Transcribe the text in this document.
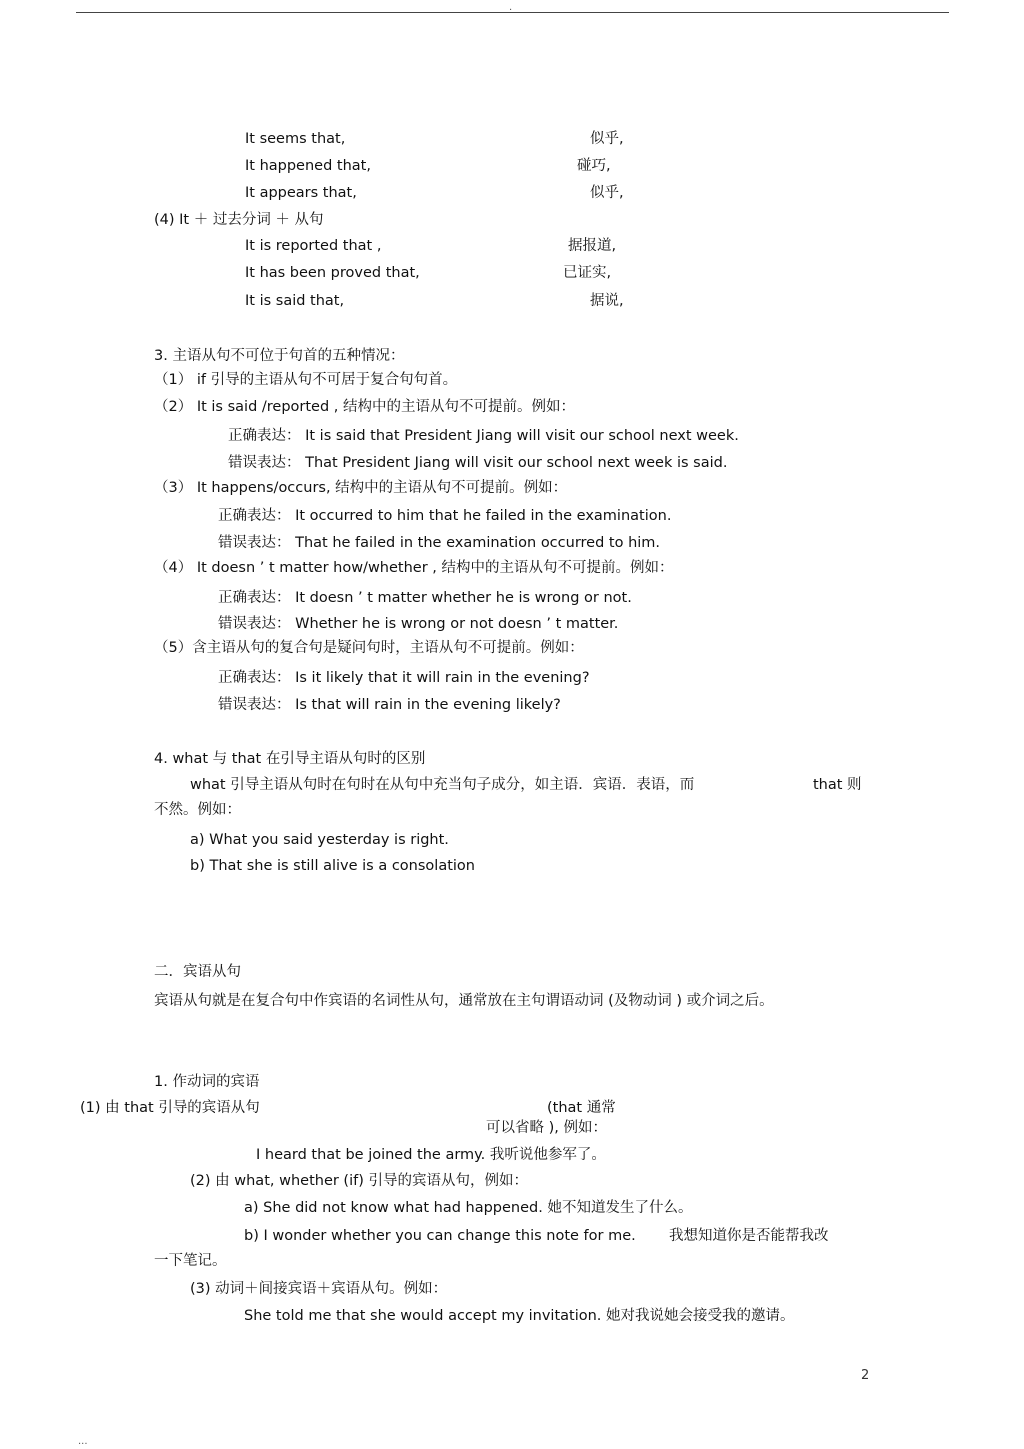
.
It seems that,	似乎,
It happened that,	碰巧,
It appears that,	似乎,
(4) It ＋ 过去分词 ＋ 从句
It is reported that ,	据报道,
It has been proved that,	已证实,
It is said that,	据说,
3. 主语从句不可位于句首的五种情况：
（1） if 引导的主语从句不可居于复合句句首。
（2） It is said /reported , 结构中的主语从句不可提前。例如：
正确表达： It is said that President Jiang will visit our school next week.
错误表达： That President Jiang will visit our school next week is said.
（3） It happens/occurs, 结构中的主语从句不可提前。例如：
正确表达： It occurred to him that he failed in the examination.
错误表达： That he failed in the examination occurred to him.
（4） It doesn ’ t matter how/whether , 结构中的主语从句不可提前。例如：
正确表达： It doesn ’ t matter whether he is wrong or not.
错误表达： Whether he is wrong or not doesn ’ t matter.
（5）含主语从句的复合句是疑问句时，主语从句不可提前。例如：
正确表达： Is it likely that it will rain in the evening?
错误表达： Is that will rain in the evening likely?
4. what 与 that 在引导主语从句时的区别
what 引导主语从句时在句时在从句中充当句子成分，如主语．宾语．表语，而	that 则
不然。例如：
a) What you said yesterday is right.
b) That she is still alive is a consolation
二．宾语从句
宾语从句就是在复合句中作宾语的名词性从句，通常放在主句谓语动词 (及物动词 ) 或介词之后。
1. 作动词的宾语
(1) 由 that 引导的宾语从句	(that 通常
可以省略 ), 例如：
I heard that be joined the army. 我听说他参军了。
(2) 由 what, whether (if) 引导的宾语从句，例如：
a) She did not know what had happened. 她不知道发生了什么。
b) I wonder whether you can change this note for me. 我想知道你是否能帮我改
一下笔记。
(3) 动词＋间接宾语＋宾语从句。例如：
She told me that she would accept my invitation. 她对我说她会接受我的邀请。
2
...
